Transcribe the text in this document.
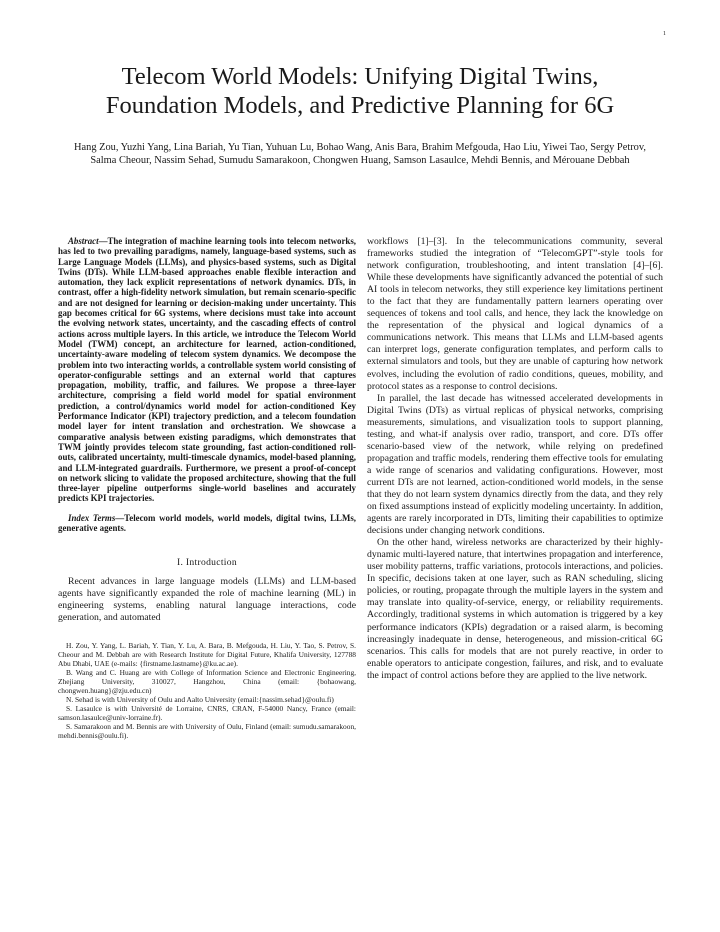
1
Telecom World Models: Unifying Digital Twins,
Foundation Models, and Predictive Planning for 6G

Hang Zou, Yuzhi Yang, Lina Bariah, Yu Tian, Yuhuan Lu, Bohao Wang, Anis Bara, Brahim Mefgouda, Hao Liu, Yiwei Tao, Sergy Petrov, Salma Cheour, Nassim Sehad, Sumudu Samarakoon, Chongwen Huang, Samson Lasaulce, Mehdi Bennis, and Mérouane Debbah

Abstract—The integration of machine learning tools into telecom networks, has led to two prevailing paradigms, namely, language-based systems, such as Large Language Models (LLMs), and physics-based systems, such as Digital Twins (DTs). While LLM-based approaches enable flexible interaction and automation, they lack explicit representations of network dynamics. DTs, in contrast, offer a high-fidelity network simulation, but remain scenario-specific and are not designed for learning or decision-making under uncertainty. This gap becomes critical for 6G systems, where decisions must take into account the evolving network states, uncertainty, and the cascading effects of control actions across multiple layers. In this article, we introduce the Telecom World Model (TWM) concept, an architecture for learned, action-conditioned, uncertainty-aware modeling of telecom system dynamics. We decompose the problem into two interacting worlds, a controllable system world consisting of operator-configurable settings and an external world that captures propagation, mobility, traffic, and failures. We propose a three-layer architecture, comprising a field world model for spatial environment prediction, a control/dynamics world model for action-conditioned Key Performance Indicator (KPI) trajectory prediction, and a telecom foundation model layer for intent translation and orchestration. We showcase a comparative analysis between existing paradigms, which demonstrates that TWM jointly provides telecom state grounding, fast action-conditioned roll-outs, calibrated uncertainty, multi-timescale dynamics, model-based planning, and LLM-integrated guardrails. Furthermore, we present a proof-of-concept on network slicing to validate the proposed architecture, showing that the full three-layer pipeline outperforms single-world baselines and accurately predicts KPI trajectories.

Index Terms—Telecom world models, world models, digital twins, LLMs, generative agents.

I. Introduction

Recent advances in large language models (LLMs) and LLM-based agents have significantly expanded the role of machine learning (ML) in engineering systems, enabling natural language interactions, code generation, and automated

H. Zou, Y. Yang, L. Bariah, Y. Tian, Y. Lu, A. Bara, B. Mefgouda, H. Liu, Y. Tao, S. Petrov, S. Cheour and M. Debbah are with Research Institute for Digital Future, Khalifa University, 127788 Abu Dhabi, UAE (e-mails: {firstname.lastname}@ku.ac.ae).

B. Wang and C. Huang are with College of Information Science and Electronic Engineering, Zhejiang University, 310027, Hangzhou, China (email: {bohaowang, chongwen.huang}@zju.edu.cn)

N. Sehad is with University of Oulu and Aalto University (email:{nassim.sehad}@oulu.fi)

S. Lasaulce is with Université de Lorraine, CNRS, CRAN, F-54000 Nancy, France (email: samson.lasaulce@univ-lorraine.fr).

S. Samarakoon and M. Bennis are with University of Oulu, Finland (email: sumudu.samarakoon, mehdi.bennis@oulu.fi).

workflows [1]–[3]. In the telecommunications community, several frameworks studied the integration of “TelecomGPT”-style tools for network configuration, troubleshooting, and intent translation [4]–[6]. While these developments have significantly advanced the potential of such AI tools in telecom networks, they still experience key limitations pertinent to the fact that they are fundamentally pattern learners operating over sequences of tokens and tool calls, and hence, they lack the knowledge on the representation of the physical and logical dynamics of a communications network. This means that LLMs and LLM-based agents can interpret logs, generate configuration templates, and perform calls to external simulators and tools, but they are unable of capturing how network evolves, including the evolution of radio conditions, queues, mobility, and protocol states as a response to control decisions.

In parallel, the last decade has witnessed accelerated developments in Digital Twins (DTs) as virtual replicas of physical networks, comprising measurements, simulations, and visualization tools to support planning, testing, and what-if analysis over radio, transport, and core. DTs offer scenario-based view of the network, while relying on predefined propagation and traffic models, rendering them effective tools for emulating a wide range of scenarios and validating configurations. However, most current DTs are not learned, action-conditioned world models, in the sense that they do not learn system dynamics directly from the data, and they rely on fixed assumptions instead of explicitly modeling uncertainty. In addition, agents are rarely incorporated in DTs, limiting their capabilities to optimize decisions under changing network conditions.

On the other hand, wireless networks are characterized by their highly-dynamic multi-layered nature, that intertwines propagation and interference, user mobility patterns, traffic variations, protocols interactions, and policies. In specific, decisions taken at one layer, such as RAN scheduling, slicing policies, or routing, propagate through the multiple layers in the system and may translate into quality-of-service, energy, or reliability requirements. Accordingly, traditional systems in which automation is triggered by a key performance indicators (KPIs) degradation or a raised alarm, is becoming increasingly inadequate in dense, heterogeneous, and mission-critical 6G scenarios. This calls for models that are not purely reactive, in order to enable operators to anticipate congestion, failures, and risk, and to evaluate the impact of control actions before they are applied to the live network.
